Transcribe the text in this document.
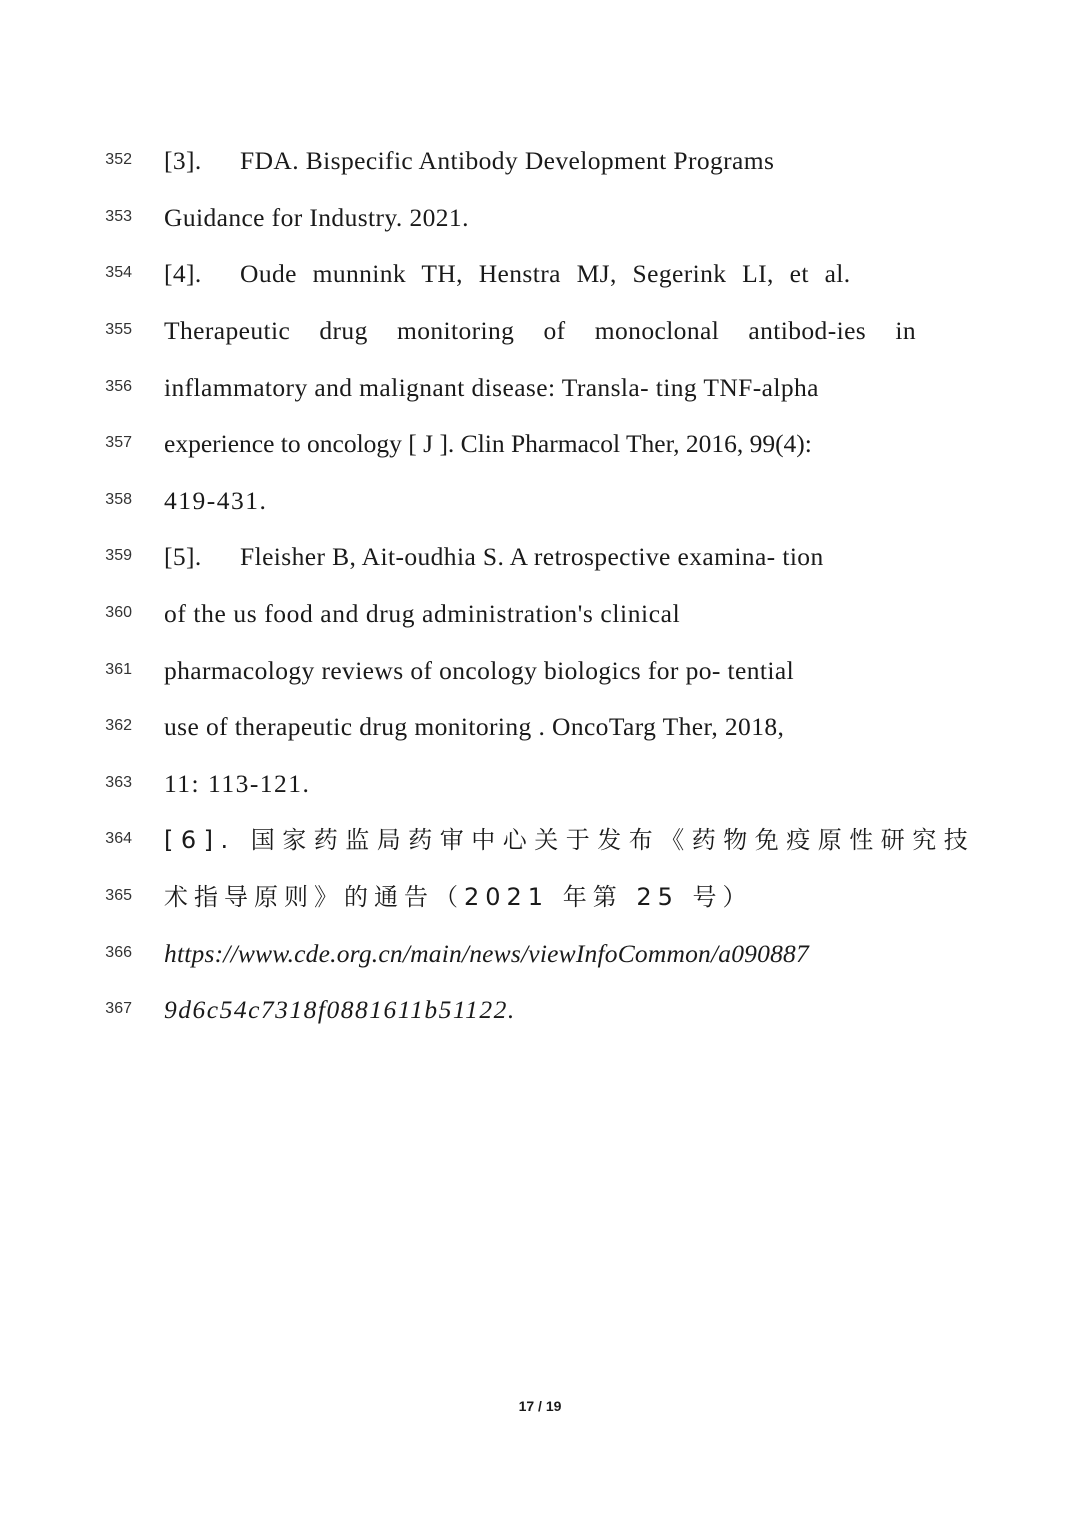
352 [3]. FDA. Bispecific Antibody Development Programs
353 Guidance for Industry. 2021.
354 [4]. Oude munnink TH, Henstra MJ, Segerink LI, et al.
355 Therapeutic drug monitoring of monoclonal antibod-ies in
356 inflammatory and malignant disease: Transla- ting TNF-alpha
357 experience to oncology [ J ]. Clin Pharmacol Ther, 2016, 99(4):
358 419-431.
359 [5]. Fleisher B, Ait-oudhia S. A retrospective examina- tion
360 of the us food and drug administration's clinical
361 pharmacology reviews of oncology biologics for po- tential
362 use of therapeutic drug monitoring . OncoTarg Ther, 2018,
363 11: 113-121.
364 [6]. 国家药监局药审中心关于发布《药物免疫原性研究技
365 术指导原则》的通告（2021 年第 25 号）
366 https://www.cde.org.cn/main/news/viewInfoCommon/a090887
367 9d6c54c7318f0881611b51122.
17 / 19
